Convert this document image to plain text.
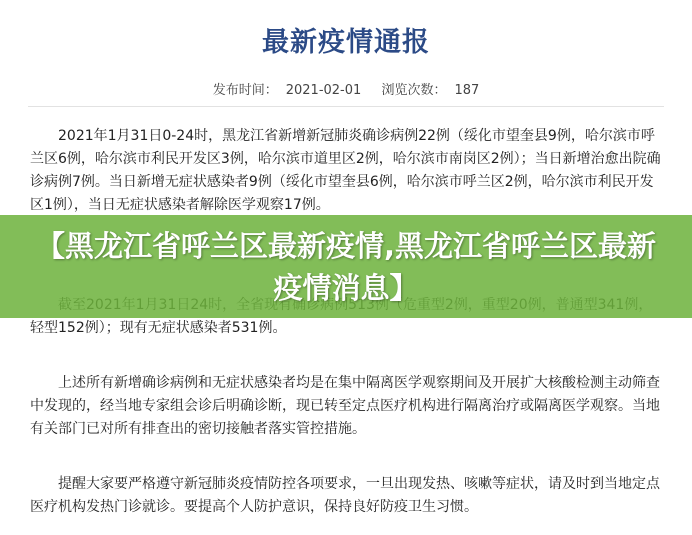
最新疫情通报
发布时间： 2021-02-01 浏览次数： 187

2021年1月31日0-24时，黑龙江省新增新冠肺炎确诊病例22例（绥化市望奎县9例，哈尔滨市呼兰区6例，哈尔滨市利民开发区3例，哈尔滨市道里区2例，哈尔滨市南岗区2例）；当日新增治愈出院确诊病例7例。当日新增无症状感染者9例（绥化市望奎县6例，哈尔滨市呼兰区2例，哈尔滨市利民开发区1例），当日无症状感染者解除医学观察17例。

轻型152例）；现有无症状感染者531例。

上述所有新增确诊病例和无症状感染者均是在集中隔离医学观察期间及开展扩大核酸检测主动筛查中发现的，经当地专家组会诊后明确诊断，现已转至定点医疗机构进行隔离治疗或隔离医学观察。当地有关部门已对所有排查出的密切接触者落实管控措施。

提醒大家要严格遵守新冠肺炎疫情防控各项要求，一旦出现发热、咳嗽等症状，请及时到当地定点医疗机构发热门诊就诊。要提高个人防护意识，保持良好防疫卫生习惯。

【黑龙江省呼兰区最新疫情,黑龙江省呼兰区最新疫情消息】
